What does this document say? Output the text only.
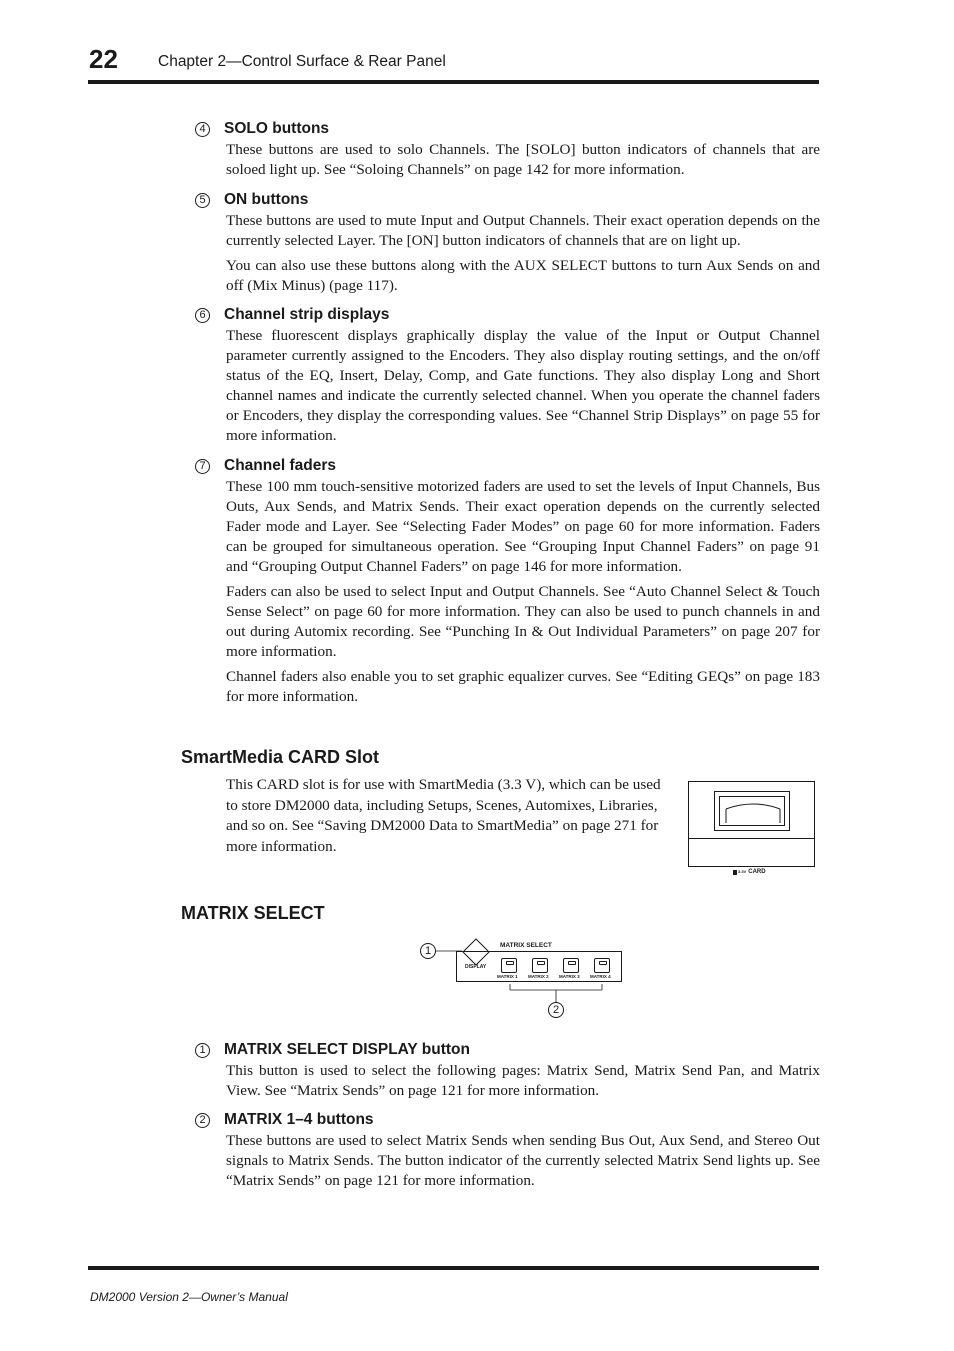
22	Chapter 2—Control Surface & Rear Panel
4 SOLO buttons

These buttons are used to solo Channels. The [SOLO] button indicators of channels that are soloed light up. See “Soloing Channels” on page 142 for more information.

5 ON buttons

These buttons are used to mute Input and Output Channels. Their exact operation depends on the currently selected Layer. The [ON] button indicators of channels that are on light up.

You can also use these buttons along with the AUX SELECT buttons to turn Aux Sends on and off (Mix Minus) (page 117).

6 Channel strip displays

These fluorescent displays graphically display the value of the Input or Output Channel parameter currently assigned to the Encoders. They also display routing settings, and the on/off status of the EQ, Insert, Delay, Comp, and Gate functions. They also display Long and Short channel names and indicate the currently selected channel. When you operate the channel faders or Encoders, they display the corresponding values. See “Channel Strip Displays” on page 55 for more information.

7 Channel faders

These 100 mm touch-sensitive motorized faders are used to set the levels of Input Channels, Bus Outs, Aux Sends, and Matrix Sends. Their exact operation depends on the currently selected Fader mode and Layer. See “Selecting Fader Modes” on page 60 for more information. Faders can be grouped for simultaneous operation. See “Grouping Input Channel Faders” on page 91 and “Grouping Output Channel Faders” on page 146 for more information.

Faders can also be used to select Input and Output Channels. See “Auto Channel Select & Touch Sense Select” on page 60 for more information. They can also be used to punch channels in and out during Automix recording. See “Punching In & Out Individual Parameters” on page 207 for more information.

Channel faders also enable you to set graphic equalizer curves. See “Editing GEQs” on page 183 for more information.

SmartMedia CARD Slot
This CARD slot is for use with SmartMedia (3.3 V), which can be used to store DM2000 data, including Setups, Scenes, Automixes, Libraries, and so on. See “Saving DM2000 Data to SmartMedia” on page 271 for more information.
3.3V CARD
MATRIX SELECT
MATRIX SELECT
DISPLAY
MATRIX 1 MATRIX 2 MATRIX 3 MATRIX 4
1
2
1 MATRIX SELECT DISPLAY button

This button is used to select the following pages: Matrix Send, Matrix Send Pan, and Matrix View. See “Matrix Sends” on page 121 for more information.

2 MATRIX 1–4 buttons

These buttons are used to select Matrix Sends when sending Bus Out, Aux Send, and Stereo Out signals to Matrix Sends. The button indicator of the currently selected Matrix Send lights up. See “Matrix Sends” on page 121 for more information.

DM2000 Version 2—Owner’s Manual
